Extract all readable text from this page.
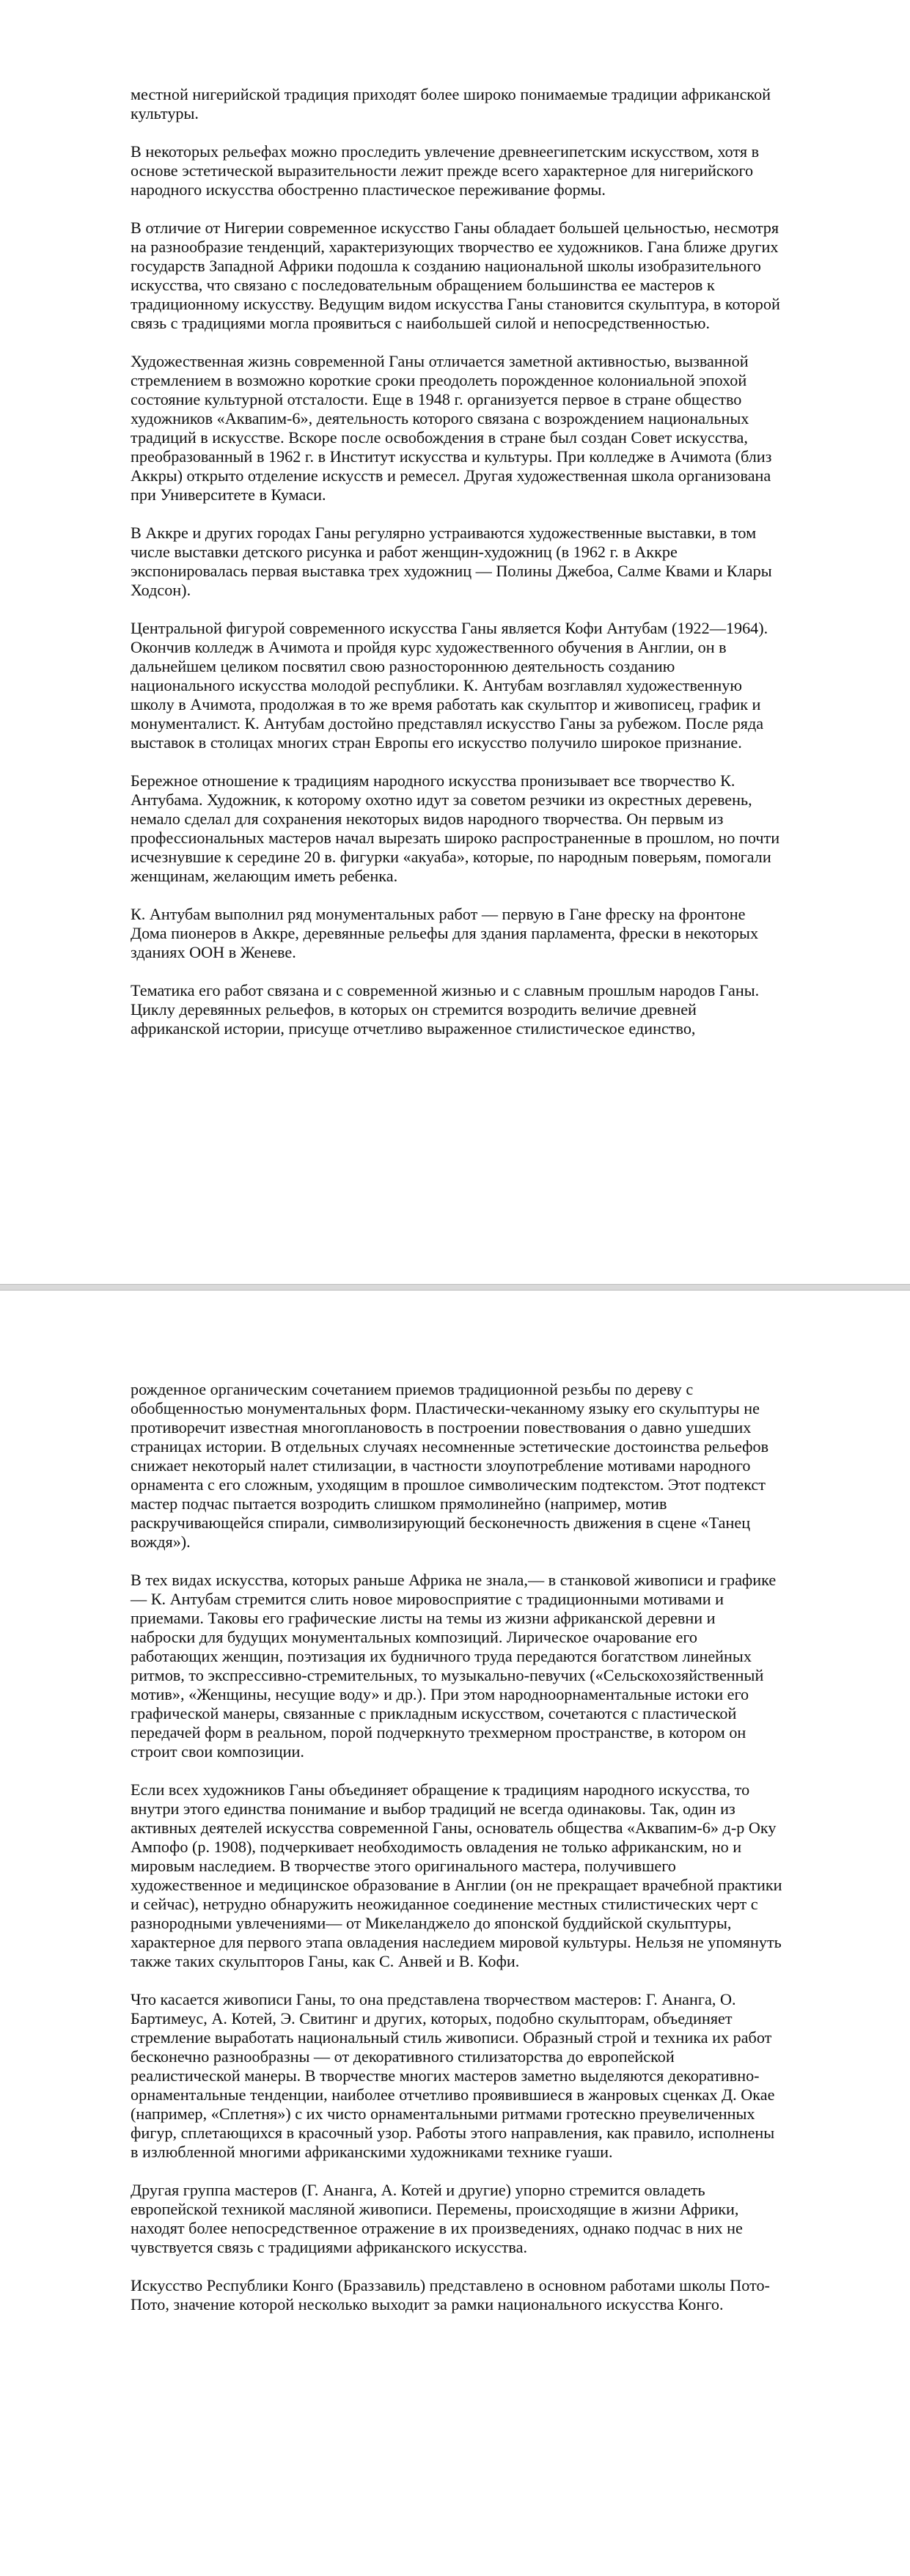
местной нигерийской традиция приходят более широко понимаемые традиции африканской культуры.

В некоторых рельефах можно проследить увлечение древнеегипетским искусством, хотя в основе эстетической выразительности лежит прежде всего характерное для нигерийского народного искусства обостренно пластическое переживание формы.

В отличие от Нигерии современное искусство Ганы обладает большей цельностью, несмотря на разнообразие тенденций, характеризующих творчество ее художников. Гана ближе других государств Западной Африки подошла к созданию национальной школы изобразительного искусства, что связано с последовательным обращением большинства ее мастеров к традиционному искусству. Ведущим видом искусства Ганы становится скульптура, в которой связь с традициями могла проявиться с наибольшей силой и непосредственностью.

Художественная жизнь современной Ганы отличается заметной активностью, вызванной стремлением в возможно короткие сроки преодолеть порожденное колониальной эпохой состояние культурной отсталости. Еще в 1948 г. организуется первое в стране общество художников «Аквапим-6», деятельность которого связана с возрождением национальных традиций в искусстве. Вскоре после освобождения в стране был создан Совет искусства, преобразованный в 1962 г. в Институт искусства и культуры. При колледже в Ачимота (близ Аккры) открыто отделение искусств и ремесел. Другая художественная школа организована при Университете в Кумаси.

В Аккре и других городах Ганы регулярно устраиваются художественные выставки, в том числе выставки детского рисунка и работ женщин-художниц (в 1962 г. в Аккре экспонировалась первая выставка трех художниц — Полины Джебоа, Салме Квами и Клары Ходсон).

Центральной фигурой современного искусства Ганы является Кофи Антубам (1922—1964). Окончив колледж в Ачимота и пройдя курс художественного обучения в Англии, он в дальнейшем целиком посвятил свою разностороннюю деятельность созданию национального искусства молодой республики. К. Антубам возглавлял художественную школу в Ачимота, продолжая в то же время работать как скульптор и живописец, график и монументалист. К. Антубам достойно представлял искусство Ганы за рубежом. После ряда выставок в столицах многих стран Европы его искусство получило широкое признание.

Бережное отношение к традициям народного искусства пронизывает все творчество К. Антубама. Художник, к которому охотно идут за советом резчики из окрестных деревень, немало сделал для сохранения некоторых видов народного творчества. Он первым из профессиональных мастеров начал вырезать широко распространенные в прошлом, но почти исчезнувшие к середине 20 в. фигурки «акуаба», которые, по народным поверьям, помогали женщинам, желающим иметь ребенка.

К. Антубам выполнил ряд монументальных работ — первую в Гане фреску на фронтоне Дома пионеров в Аккре, деревянные рельефы для здания парламента, фрески в некоторых зданиях ООН в Женеве.

Тематика его работ связана и с современной жизнью и с славным прошлым народов Ганы. Циклу деревянных рельефов, в которых он стремится возродить величие древней африканской истории, присуще отчетливо выраженное стилистическое единство,

рожденное органическим сочетанием приемов традиционной резьбы по дереву с обобщенностью монументальных форм. Пластически-чеканному языку его скульптуры не противоречит известная многоплановость в построении повествования о давно ушедших страницах истории. В отдельных случаях несомненные эстетические достоинства рельефов снижает некоторый налет стилизации, в частности злоупотребление мотивами народного орнамента с его сложным, уходящим в прошлое символическим подтекстом. Этот подтекст мастер подчас пытается возродить слишком прямолинейно (например, мотив раскручивающейся спирали, символизирующий бесконечность движения в сцене «Танец вождя»).

В тех видах искусства, которых раньше Африка не знала,— в станковой живописи и графике — К. Антубам стремится слить новое мировосприятие с традиционными мотивами и приемами. Таковы его графические листы на темы из жизни африканской деревни и наброски для будущих монументальных композиций. Лирическое очарование его работающих женщин, поэтизация их будничного труда передаются богатством линейных ритмов, то экспрессивно-стремительных, то музыкально-певучих («Сельскохозяйственный мотив», «Женщины, несущие воду» и др.). При этом народноорнаментальные истоки его графической манеры, связанные с прикладным искусством, сочетаются с пластической передачей форм в реальном, порой подчеркнуто трехмерном пространстве, в котором он строит свои композиции.

Если всех художников Ганы объединяет обращение к традициям народного искусства, то внутри этого единства понимание и выбор традиций не всегда одинаковы. Так, один из активных деятелей искусства современной Ганы, основатель общества «Аквапим-6» д-р Оку Ампофо (р. 1908), подчеркивает необходимость овладения не только африканским, но и мировым наследием. В творчестве этого оригинального мастера, получившего художественное и медицинское образование в Англии (он не прекращает врачебной практики и сейчас), нетрудно обнаружить неожиданное соединение местных стилистических черт с разнородными увлечениями— от Микеланджело до японской буддийской скульптуры, характерное для первого этапа овладения наследием мировой культуры. Нельзя не упомянуть также таких скульпторов Ганы, как С. Анвей и В. Кофи.

Что касается живописи Ганы, то она представлена творчеством мастеров: Г. Ананга, О. Бартимеус, А. Котей, Э. Свитинг и других, которых, подобно скульпторам, объединяет стремление выработать национальный стиль живописи. Образный строй и техника их работ бесконечно разнообразны — от декоративного стилизаторства до европейской реалистической манеры. В творчестве многих мастеров заметно выделяются декоративно-орнаментальные тенденции, наиболее отчетливо проявившиеся в жанровых сценках Д. Окае (например, «Сплетня») с их чисто орнаментальными ритмами гротескно преувеличенных фигур, сплетающихся в красочный узор. Работы этого направления, как правило, исполнены в излюбленной многими африканскими художниками технике гуаши.

Другая группа мастеров (Г. Ананга, А. Котей и другие) упорно стремится овладеть европейской техникой масляной живописи. Перемены, происходящие в жизни Африки, находят более непосредственное отражение в их произведениях, однако подчас в них не чувствуется связь с традициями африканского искусства.

Искусство Республики Конго (Браззавиль) представлено в основном работами школы Пото-Пото, значение которой несколько выходит за рамки национального искусства Конго.
